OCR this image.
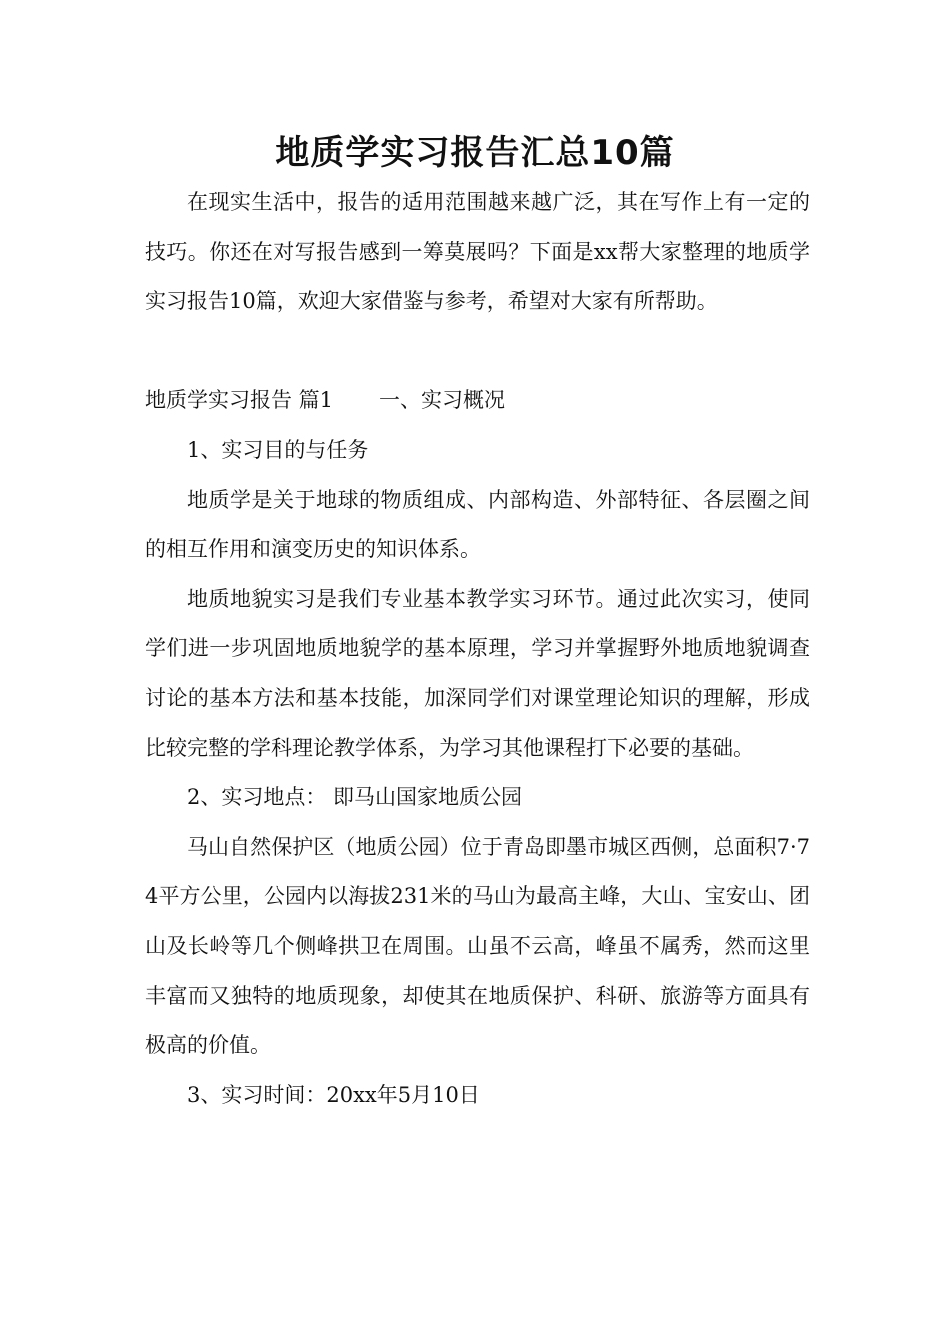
地质学实习报告汇总10篇

在现实生活中，报告的适用范围越来越广泛，其在写作上有一定的技巧。你还在对写报告感到一筹莫展吗？下面是xx帮大家整理的地质学实习报告10篇，欢迎大家借鉴与参考，希望对大家有所帮助。

地质学实习报告 篇1 一、实习概况

1、实习目的与任务

地质学是关于地球的物质组成、内部构造、外部特征、各层圈之间的相互作用和演变历史的知识体系。

地质地貌实习是我们专业基本教学实习环节。通过此次实习，使同学们进一步巩固地质地貌学的基本原理，学习并掌握野外地质地貌调查讨论的基本方法和基本技能，加深同学们对课堂理论知识的理解，形成比较完整的学科理论教学体系，为学习其他课程打下必要的基础。

2、实习地点： 即马山国家地质公园

马山自然保护区（地质公园）位于青岛即墨市城区西侧，总面积7·74平方公里，公园内以海拔231米的马山为最高主峰，大山、宝安山、团山及长岭等几个侧峰拱卫在周围。山虽不云高，峰虽不属秀，然而这里丰富而又独特的地质现象，却使其在地质保护、科研、旅游等方面具有极高的价值。

3、实习时间：20xx年5月10日
